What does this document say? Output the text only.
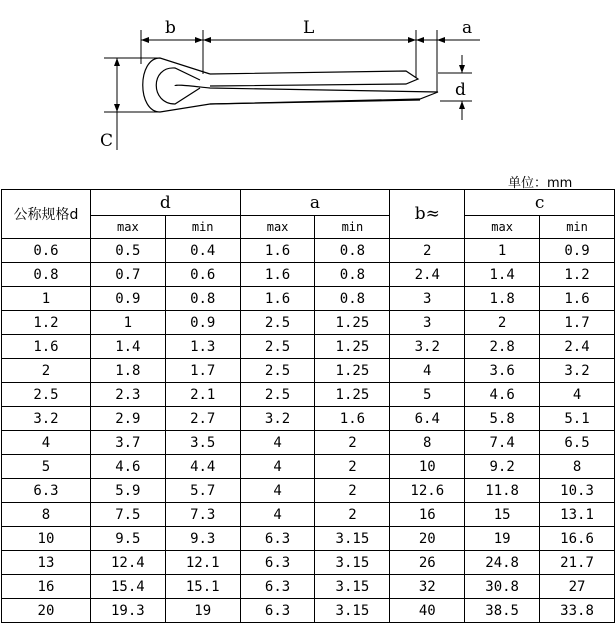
b	L	a
d
C
单位：mm
公称规格d	d		a		b≈	c	
	max	min	max	min		max	min
0.6	0.5	0.4	1.6	0.8	2	1	0.9
0.8	0.7	0.6	1.6	0.8	2.4	1.4	1.2
1	0.9	0.8	1.6	0.8	3	1.8	1.6
1.2	1	0.9	2.5	1.25	3	2	1.7
1.6	1.4	1.3	2.5	1.25	3.2	2.8	2.4
2	1.8	1.7	2.5	1.25	4	3.6	3.2
2.5	2.3	2.1	2.5	1.25	5	4.6	4
3.2	2.9	2.7	3.2	1.6	6.4	5.8	5.1
4	3.7	3.5	4	2	8	7.4	6.5
5	4.6	4.4	4	2	10	9.2	8
6.3	5.9	5.7	4	2	12.6	11.8	10.3
8	7.5	7.3	4	2	16	15	13.1
10	9.5	9.3	6.3	3.15	20	19	16.6
13	12.4	12.1	6.3	3.15	26	24.8	21.7
16	15.4	15.1	6.3	3.15	32	30.8	27
20	19.3	19	6.3	3.15	40	38.5	33.8
